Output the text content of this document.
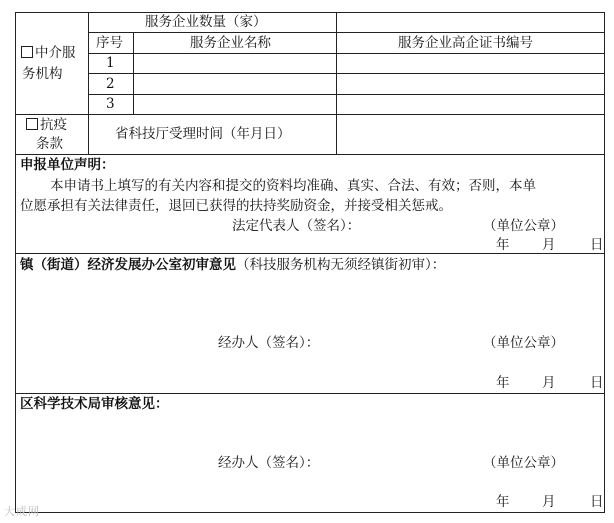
中介服
务机构
服务企业数量（家）
序号	服务企业名称	服务企业高企证书编号
1
2
3
抗疫
条款
省科技厅受理时间（年月日）
申报单位声明：
本申请书上填写的有关内容和提交的资料均准确、真实、合法、有效；否则，本单
位愿承担有关法律责任，退回已获得的扶持奖励资金，并接受相关惩戒。
法定代表人（签名）：	（单位公章）
年 月	日
镇（街道）经济发展办公室初审意见（科技服务机构无须经镇街初审）：
经办人（签名）：	（单位公章）
年 月	日
区科学技术局审核意见：
经办人（签名）：	（单位公章）
年 月	日
大成网
